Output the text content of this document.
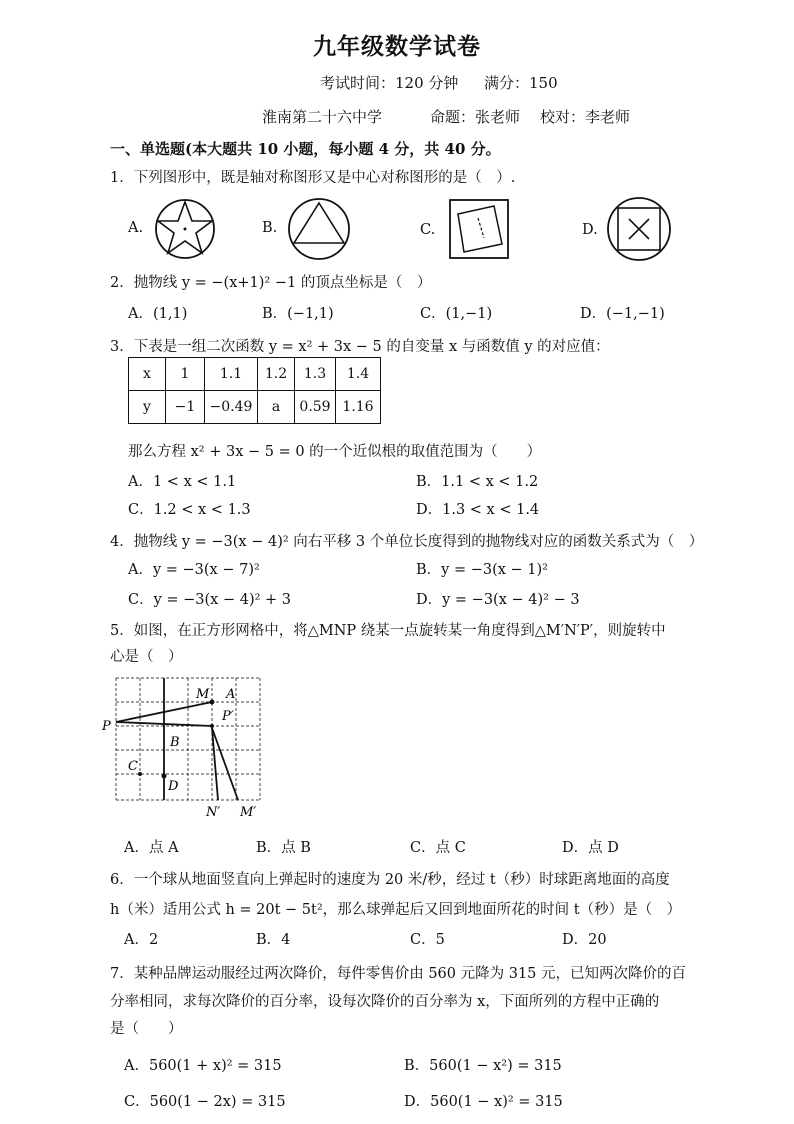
九年级数学试卷
考试时间：120 分钟 满分：150
淮南第二十六中学	命题：张老师 校对：李老师
一、单选题(本大题共 10 小题，每小题 4 分，共 40 分。
1．下列图形中，既是轴对称图形又是中心对称图形的是（　）.
A.	B.	C.	D.
2．抛物线 y = −(x+1)² −1 的顶点坐标是（　）
A．(1,1)	B．(−1,1)	C．(1,−1)	D．(−1,−1)
3．下表是一组二次函数 y = x² + 3x − 5 的自变量 x 与函数值 y 的对应值：
x	1	1.1	1.2	1.3	1.4
y	−1	−0.49	a	0.59	1.16
那么方程 x² + 3x − 5 = 0 的一个近似根的取值范围为（　　）
A．1 < x < 1.1	B．1.1 < x < 1.2
C．1.2 < x < 1.3	D．1.3 < x < 1.4
4．抛物线 y = −3(x − 4)² 向右平移 3 个单位长度得到的抛物线对应的函数关系式为（　）
A．y = −3(x − 7)²	B．y = −3(x − 1)²
C．y = −3(x − 4)² + 3	D．y = −3(x − 4)² − 3
5．如图，在正方形网格中，将△MNP 绕某一点旋转某一角度得到△M′N′P′，则旋转中
心是（　）
M A
P′
P
B
C
D
N′ M′
A．点 A	B．点 B	C．点 C	D．点 D
6．一个球从地面竖直向上弹起时的速度为 20 米/秒，经过 t（秒）时球距离地面的高度
h（米）适用公式 h = 20t − 5t²，那么球弹起后又回到地面所花的时间 t（秒）是（　）
A．2	B．4	C．5	D．20
7．某种品牌运动服经过两次降价，每件零售价由 560 元降为 315 元，已知两次降价的百
分率相同，求每次降价的百分率，设每次降价的百分率为 x，下面所列的方程中正确的
是（　　）
A．560(1 + x)² = 315	B．560(1 − x²) = 315
C．560(1 − 2x) = 315	D．560(1 − x)² = 315
